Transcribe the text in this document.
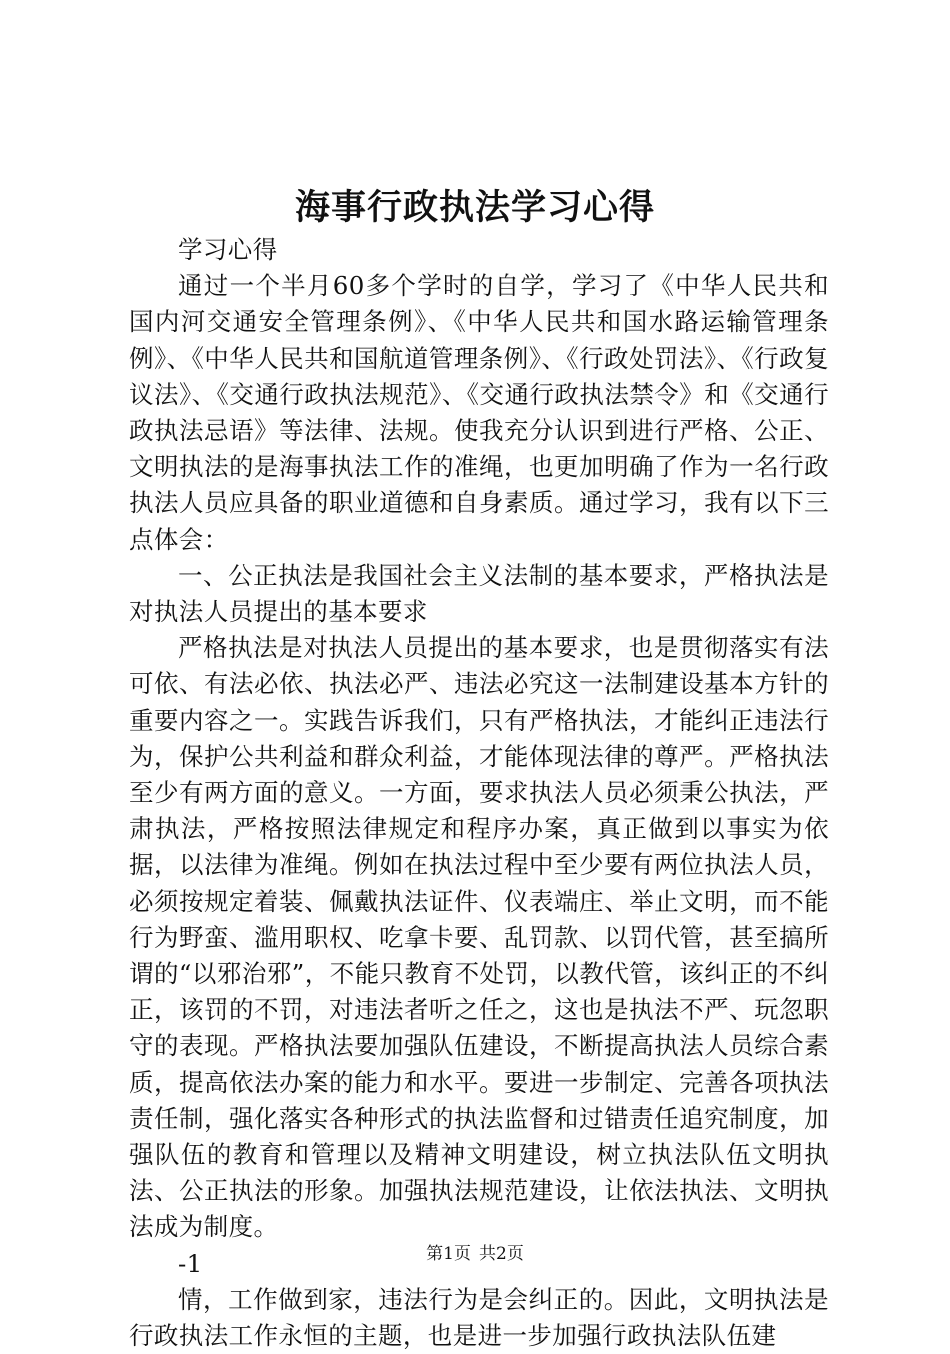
海事行政执法学习心得

学习心得

通过一个半月60多个学时的自学，学习了《中华人民共和国内河交通安全管理条例》、《中华人民共和国水路运输管理条例》、《中华人民共和国航道管理条例》、《行政处罚法》、《行政复议法》、《交通行政执法规范》、《交通行政执法禁令》和《交通行政执法忌语》等法律、法规。使我充分认识到进行严格、公正、文明执法的是海事执法工作的准绳，也更加明确了作为一名行政执法人员应具备的职业道德和自身素质。通过学习，我有以下三点体会：

一、公正执法是我国社会主义法制的基本要求，严格执法是对执法人员提出的基本要求

严格执法是对执法人员提出的基本要求，也是贯彻落实有法可依、有法必依、执法必严、违法必究这一法制建设基本方针的重要内容之一。实践告诉我们，只有严格执法，才能纠正违法行为，保护公共利益和群众利益，才能体现法律的尊严。严格执法至少有两方面的意义。一方面，要求执法人员必须秉公执法，严肃执法，严格按照法律规定和程序办案，真正做到以事实为依据，以法律为准绳。例如在执法过程中至少要有两位执法人员，必须按规定着装、佩戴执法证件、仪表端庄、举止文明，而不能行为野蛮、滥用职权、吃拿卡要、乱罚款、以罚代管，甚至搞所谓的“以邪治邪”，不能只教育不处罚，以教代管，该纠正的不纠正，该罚的不罚，对违法者听之任之，这也是执法不严、玩忽职守的表现。严格执法要加强队伍建设，不断提高执法人员综合素质，提高依法办案的能力和水平。要进一步制定、完善各项执法责任制，强化落实各种形式的执法监督和过错责任追究制度，加强队伍的教育和管理以及精神文明建设，树立执法队伍文明执法、公正执法的形象。加强执法规范建设，让依法执法、文明执法成为制度。

-1

情，工作做到家，违法行为是会纠正的。因此，文明执法是行政执法工作永恒的主题，也是进一步加强行政执法队伍建

第1页 共2页
